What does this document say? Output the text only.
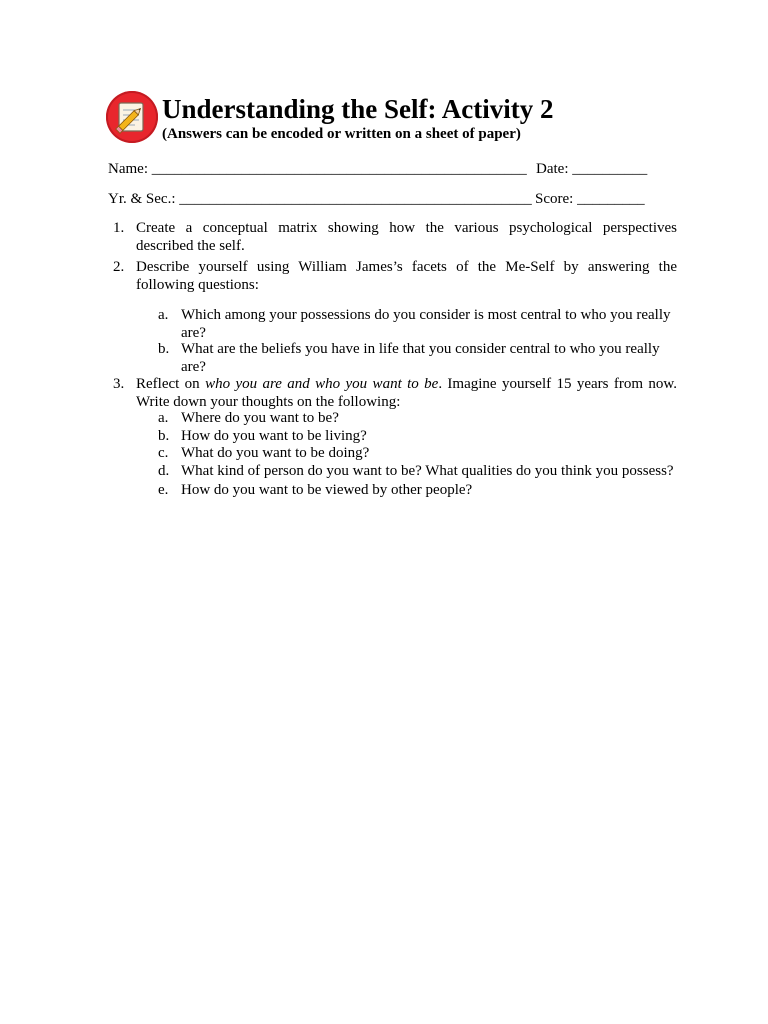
Understanding the Self: Activity 2

(Answers can be encoded or written on a sheet of paper)

Name: __________________________________________________ Date: __________
Yr. & Sec.: _______________________________________________ Score: _________
1. Create a conceptual matrix showing how the various psychological perspectives described the self.
2. Describe yourself using William James’s facets of the Me-Self by answering the following questions:
a. Which among your possessions do you consider is most central to who you really are?
b. What are the beliefs you have in life that you consider central to who you really are?
3. Reflect on who you are and who you want to be. Imagine yourself 15 years from now. Write down your thoughts on the following:
a. Where do you want to be?
b. How do you want to be living?
c. What do you want to be doing?
d. What kind of person do you want to be? What qualities do you think you possess?
e. How do you want to be viewed by other people?
